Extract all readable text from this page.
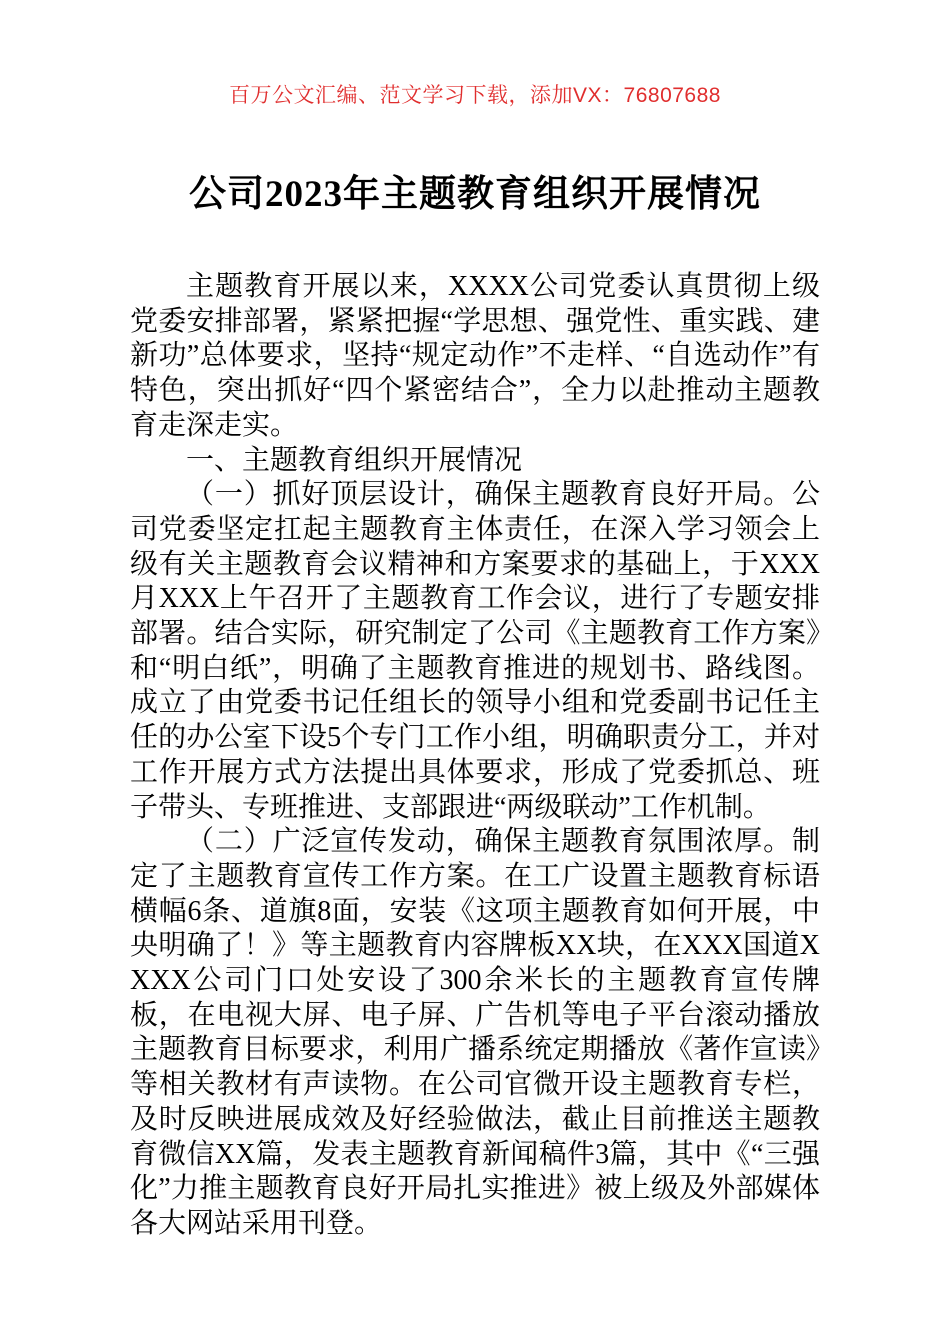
百万公文汇编、范文学习下载，添加VX：76807688
公司2023年主题教育组织开展情况

主题教育开展以来，XXXX公司党委认真贯彻上级党委安排部署，紧紧把握“学思想、强党性、重实践、建新功”总体要求，坚持“规定动作”不走样、“自选动作”有特色，突出抓好“四个紧密结合”，全力以赴推动主题教育走深走实。

一、主题教育组织开展情况

（一）抓好顶层设计，确保主题教育良好开局。公司党委坚定扛起主题教育主体责任，在深入学习领会上级有关主题教育会议精神和方案要求的基础上，于XXX月XXX上午召开了主题教育工作会议，进行了专题安排部署。结合实际，研究制定了公司《主题教育工作方案》和“明白纸”，明确了主题教育推进的规划书、路线图。成立了由党委书记任组长的领导小组和党委副书记任主任的办公室下设5个专门工作小组，明确职责分工，并对工作开展方式方法提出具体要求，形成了党委抓总、班子带头、专班推进、支部跟进“两级联动”工作机制。

（二）广泛宣传发动，确保主题教育氛围浓厚。制定了主题教育宣传工作方案。在工广设置主题教育标语横幅6条、道旗8面，安装《这项主题教育如何开展，中央明确了！》等主题教育内容牌板XX块，在XXX国道XXXX公司门口处安设了300余米长的主题教育宣传牌板，在电视大屏、电子屏、广告机等电子平台滚动播放主题教育目标要求，利用广播系统定期播放《著作宣读》等相关教材有声读物。在公司官微开设主题教育专栏，及时反映进展成效及好经验做法，截止目前推送主题教育微信XX篇，发表主题教育新闻稿件3篇，其中《“三强化”力推主题教育良好开局扎实推进》被上级及外部媒体各大网站采用刊登。
